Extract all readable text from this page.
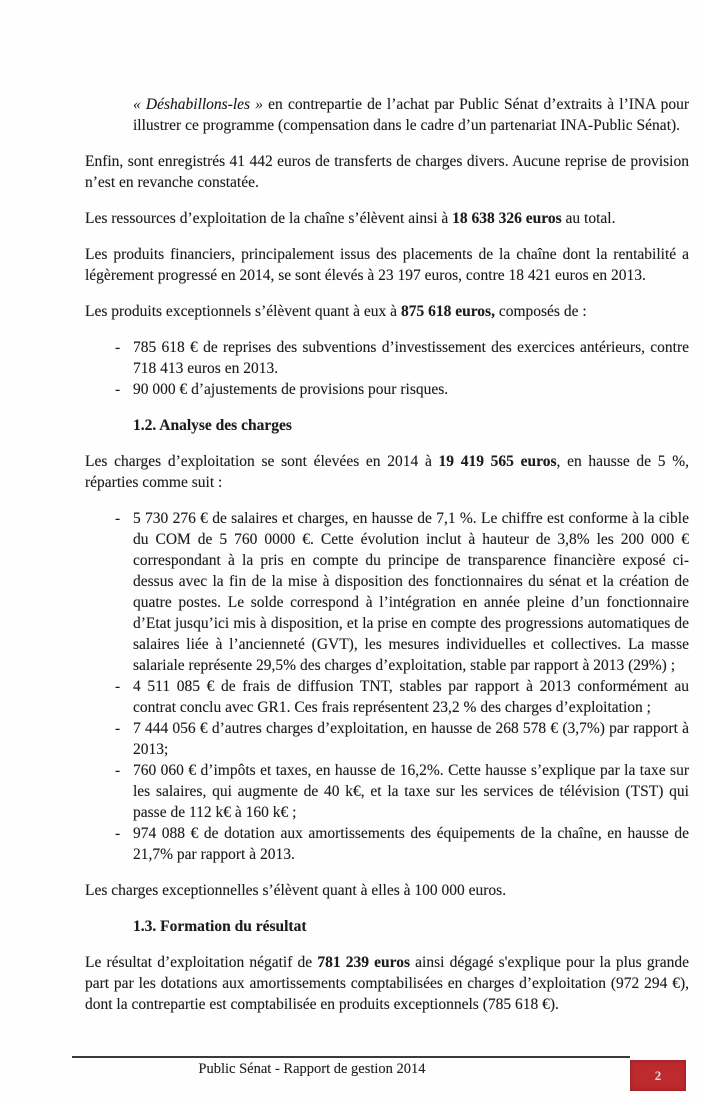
« Déshabillons-les » en contrepartie de l’achat par Public Sénat d’extraits à l’INA pour illustrer ce programme (compensation dans le cadre d’un partenariat INA-Public Sénat).
Enfin, sont enregistrés 41 442 euros de transferts de charges divers. Aucune reprise de provision n’est en revanche constatée.
Les ressources d’exploitation de la chaîne s’élèvent ainsi à 18 638 326 euros au total.
Les produits financiers, principalement issus des placements de la chaîne dont la rentabilité a légèrement progressé en 2014, se sont élevés à 23 197 euros, contre 18 421 euros en 2013.
Les produits exceptionnels s’élèvent quant à eux à 875 618 euros, composés de :
- 785 618 € de reprises des subventions d’investissement des exercices antérieurs, contre 718 413 euros en 2013.
- 90 000 € d’ajustements de provisions pour risques.
1.2. Analyse des charges
Les charges d’exploitation se sont élevées en 2014 à 19 419 565 euros, en hausse de 5 %, réparties comme suit :
- 5 730 276 € de salaires et charges, en hausse de 7,1 %. Le chiffre est conforme à la cible du COM de 5 760 0000 €. Cette évolution inclut à hauteur de 3,8% les 200 000 € correspondant à la pris en compte du principe de transparence financière exposé ci-dessus avec la fin de la mise à disposition des fonctionnaires du sénat et la création de quatre postes. Le solde correspond à l’intégration en année pleine d’un fonctionnaire d’Etat jusqu’ici mis à disposition, et la prise en compte des progressions automatiques de salaires liée à l’ancienneté (GVT), les mesures individuelles et collectives. La masse salariale représente 29,5% des charges d’exploitation, stable par rapport à 2013 (29%) ;
- 4 511 085 € de frais de diffusion TNT, stables par rapport à 2013 conformément au contrat conclu avec GR1. Ces frais représentent 23,2 % des charges d’exploitation ;
- 7 444 056 € d’autres charges d’exploitation, en hausse de 268 578 € (3,7%) par rapport à 2013;
- 760 060 € d’impôts et taxes, en hausse de 16,2%. Cette hausse s’explique par la taxe sur les salaires, qui augmente de 40 k€, et la taxe sur les services de télévision (TST) qui passe de 112 k€ à 160 k€ ;
- 974 088 € de dotation aux amortissements des équipements de la chaîne, en hausse de 21,7% par rapport à 2013.
Les charges exceptionnelles s’élèvent quant à elles à 100 000 euros.
1.3. Formation du résultat
Le résultat d’exploitation négatif de 781 239 euros ainsi dégagé s'explique pour la plus grande part par les dotations aux amortissements comptabilisées en charges d’exploitation (972 294 €), dont la contrepartie est comptabilisée en produits exceptionnels (785 618 €).
Public Sénat - Rapport de gestion 2014	2
